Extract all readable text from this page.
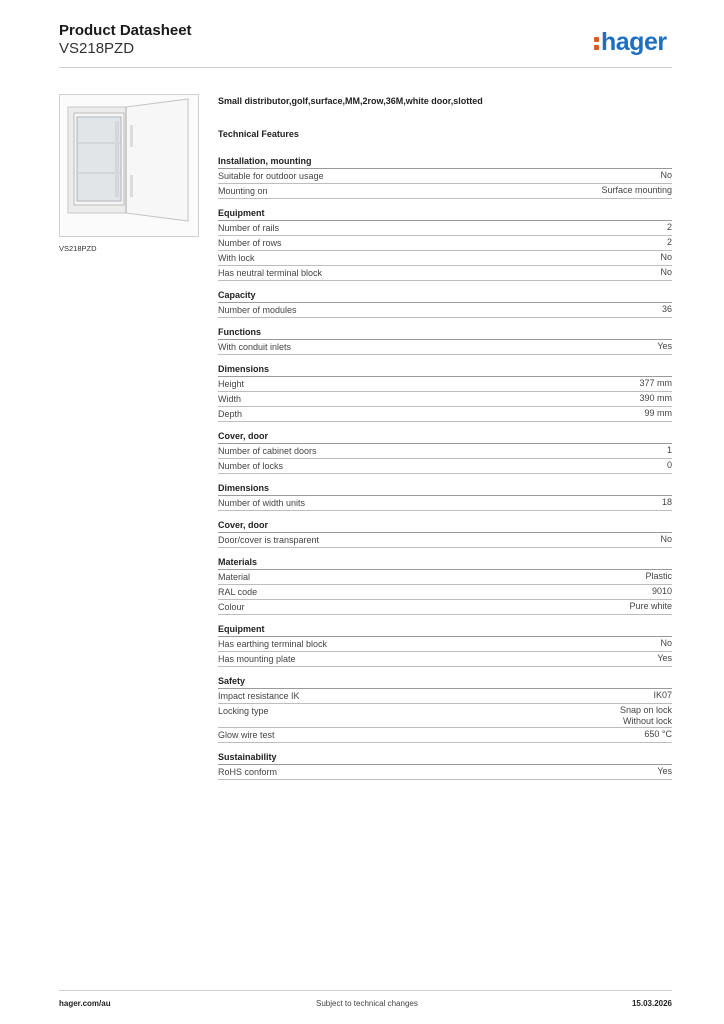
Product Datasheet
VS218PZD	hager
VS218PZD
Small distributor,golf,surface,MM,2row,36M,white door,slotted
Technical Features
Installation, mounting
Suitable for outdoor usage	No
Mounting on	Surface mounting
Equipment
Number of rails	2
Number of rows	2
With lock	No
Has neutral terminal block	No
Capacity
Number of modules	36
Functions
With conduit inlets	Yes
Dimensions
Height	377 mm
Width	390 mm
Depth	99 mm
Cover, door
Number of cabinet doors	1
Number of locks	0
Dimensions
Number of width units	18
Cover, door
Door/cover is transparent	No
Materials
Material	Plastic
RAL code	9010
Colour	Pure white
Equipment
Has earthing terminal block	No
Has mounting plate	Yes
Safety
Impact resistance IK	IK07
Locking type	Snap on lock
Without lock
Glow wire test	650 °C
Sustainability
RoHS conform	Yes
hager.com/au	Subject to technical changes	15.03.2026
